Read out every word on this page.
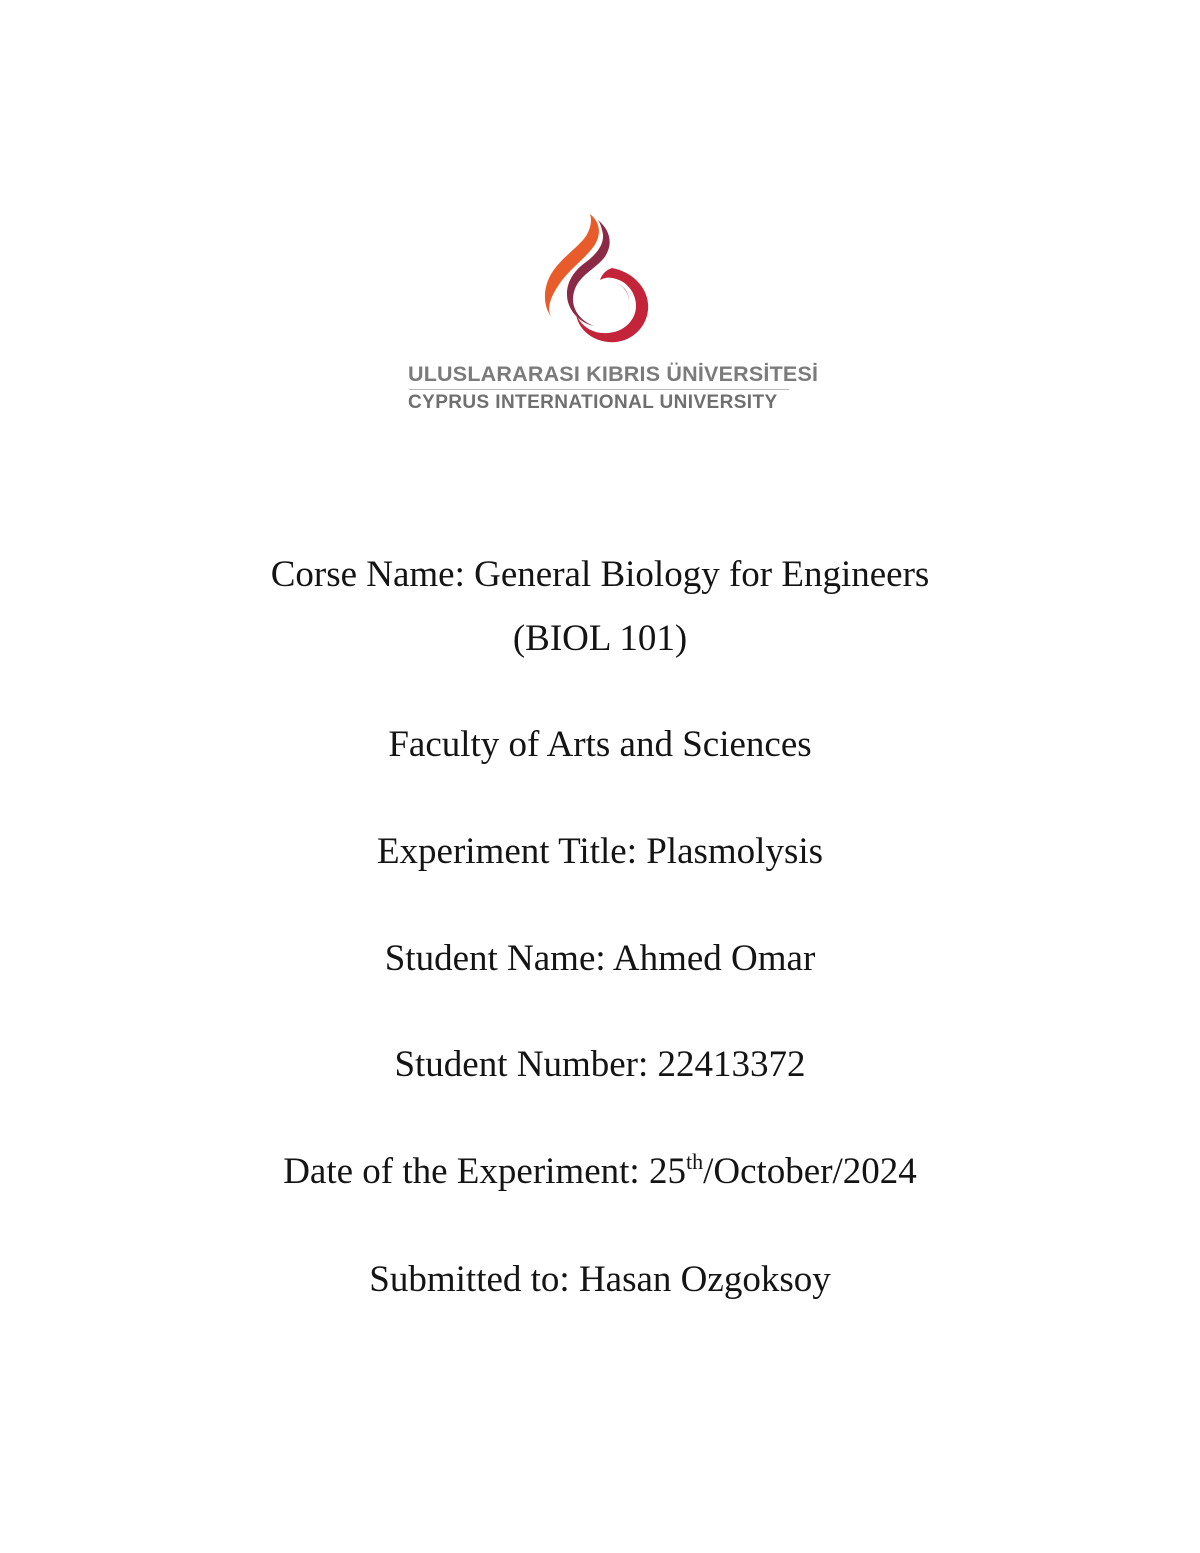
ULUSLARARASI KIBRIS ÜNİVERSİTESİ
CYPRUS INTERNATIONAL UNIVERSITY
Corse Name: General Biology for Engineers
(BIOL 101)
Faculty of Arts and Sciences
Experiment Title: Plasmolysis
Student Name: Ahmed Omar
Student Number: 22413372
Date of the Experiment: 25th/October/2024
Submitted to: Hasan Ozgoksoy
